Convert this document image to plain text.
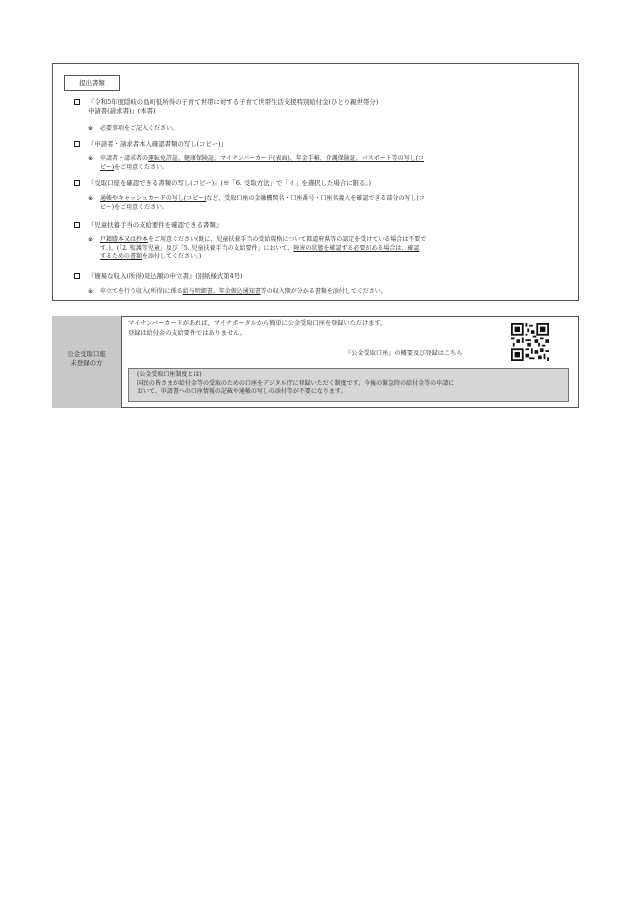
提出書類
『令和5年度隠岐の島町低所得の子育て世帯に対する子育て世帯生活支援特別給付金(ひとり親世帯分)
申請書(請求書)』(本書)
※ 必要事項をご記入ください。
『申請者・請求者本人確認書類の写し(コピー)』
※ 申請者・請求者の運転免許証、健康保険証、マイナンバーカード(表面)、年金手帳、介護保険証、パスポート等の写し(コ
ピー)をご用意ください。
『受取口座を確認できる書類の写し(コピー)』(※「6. 受取方法」で「イ」を選択した場合に限る。)
※ 通帳やキャッシュカードの写し(コピー)など、受取口座の金融機関名・口座番号・口座名義人を確認できる部分の写し(コ
ピー)をご用意ください。
『児童扶養手当の支給要件を確認できる書類』
※ 戸籍謄本又は抄本をご用意ください(既に、児童扶養手当の受給資格について都道府県等の認定を受けている場合は不要で
す。)。(「2. 監護等児童」及び「5. 児童扶養手当の支給要件」において、障害の状態を確認する必要がある場合は、確認
するための書類を添付してください。)
『簡易な収入(所得)見込額の申立書』(別紙様式第4号)
※ 申立てを行う収入(所得)に係る給与明細書、年金振込通知書等の収入額が分かる書類を添付してください。
公金受取口座
未登録の方
マイナンバーカードがあれば、マイナポータルから簡単に公金受取口座を登録いただけます。
登録は給付金の支給要件ではありません。
『公金受取口座』の概要及び登録はこちら
(公金受取口座制度とは)
国民の皆さまが給付金等の受取のための口座をデジタル庁に登録いただく制度です。今後の緊急時の給付金等の申請に
おいて、申請書への口座情報の記載や通帳の写しの添付等が不要になります。
